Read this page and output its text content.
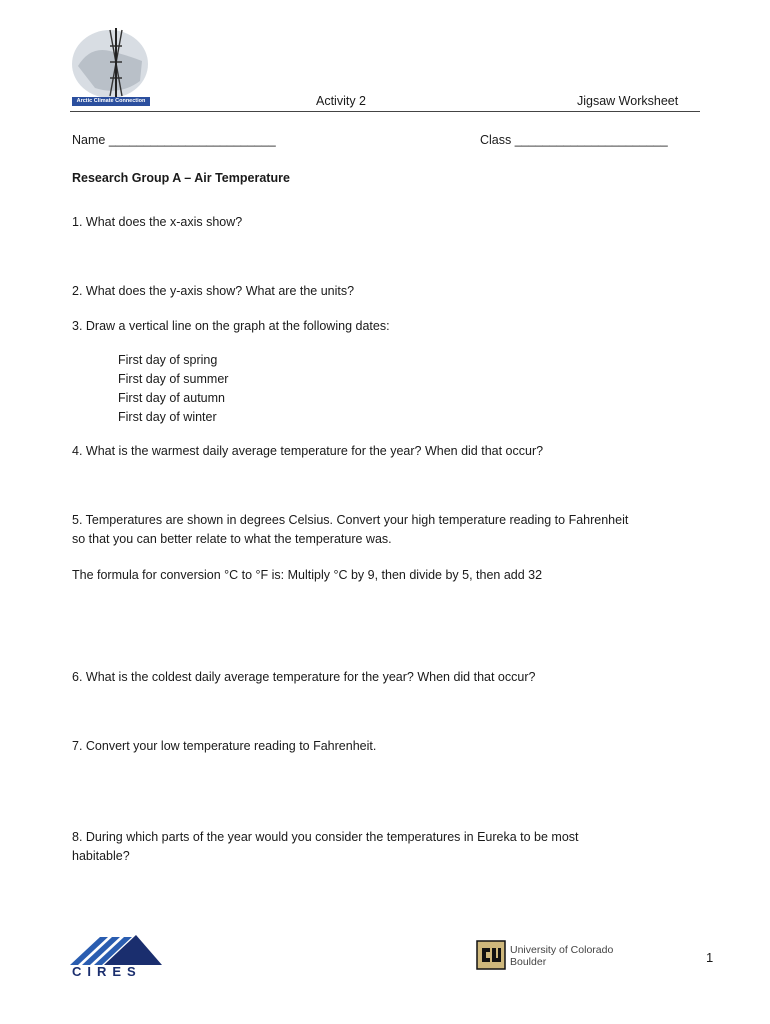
Arctic Climate Connection	Activity 2	Jigsaw Worksheet
Name ________________________	Class ______________________
Research Group A – Air Temperature
1. What does the x-axis show?
2. What does the y-axis show? What are the units?
3. Draw a vertical line on the graph at the following dates:
First day of spring
First day of summer
First day of autumn
First day of winter
4. What is the warmest daily average temperature for the year? When did that occur?
5. Temperatures are shown in degrees Celsius. Convert your high temperature reading to Fahrenheit
so that you can better relate to what the temperature was.
The formula for conversion °C to °F is: Multiply °C by 9, then divide by 5, then add 32
6. What is the coldest daily average temperature for the year? When did that occur?
7. Convert your low temperature reading to Fahrenheit.
8. During which parts of the year would you consider the temperatures in Eureka to be most
habitable?
CIRES
University of Colorado
Boulder	1
